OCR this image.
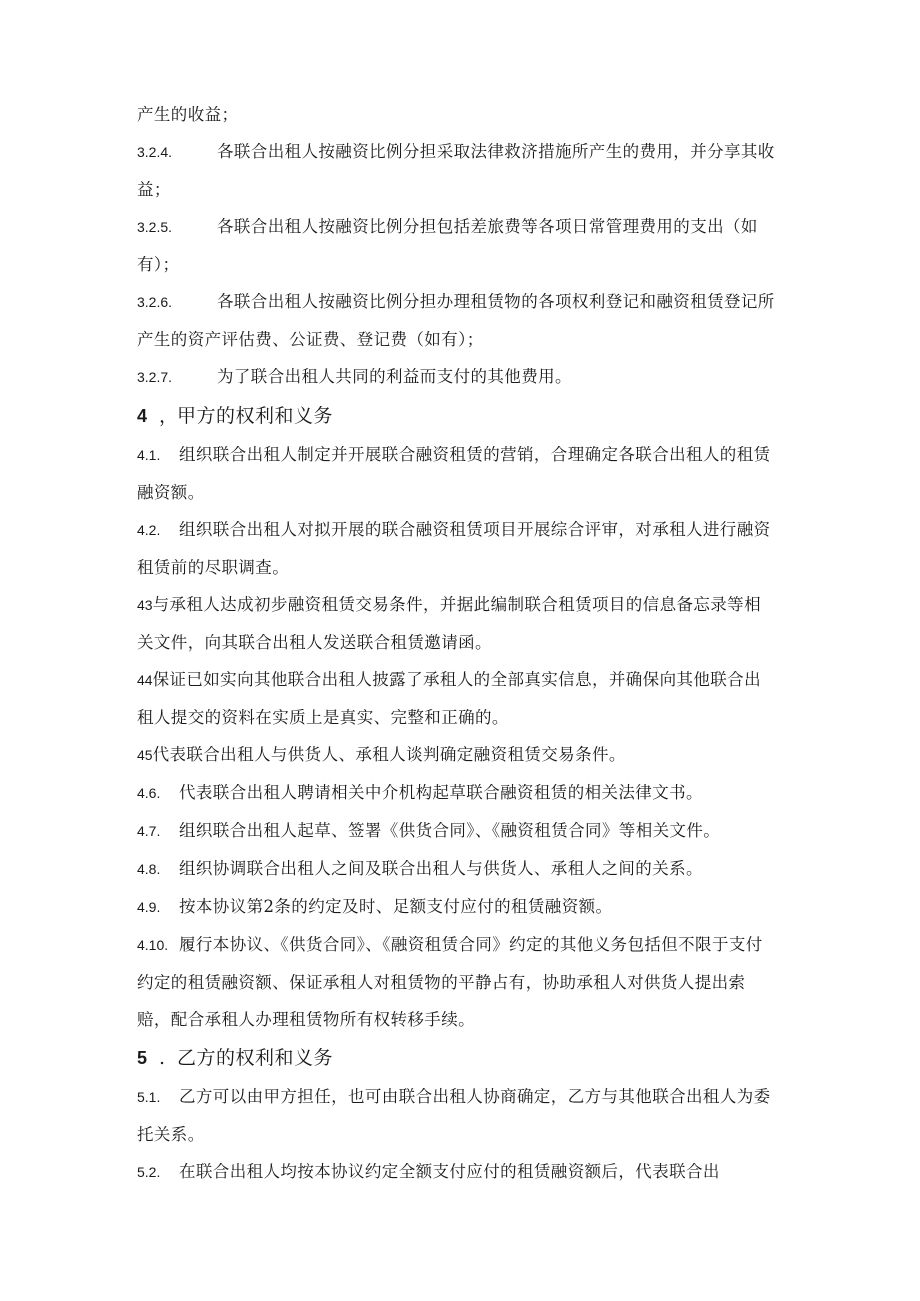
产生的收益；

3.2.4.	各联合出租人按融资比例分担采取法律救济措施所产生的费用，并分享其收益；

3.2.5.	各联合出租人按融资比例分担包括差旅费等各项日常管理费用的支出（如有）；

3.2.6.	各联合出租人按融资比例分担办理租赁物的各项权利登记和融资租赁登记所产生的资产评估费、公证费、登记费（如有）；

3.2.7.	为了联合出租人共同的利益而支付的其他费用。

4 ，甲方的权利和义务

4.1. 组织联合出租人制定并开展联合融资租赁的营销，合理确定各联合出租人的租赁融资额。

4.2. 组织联合出租人对拟开展的联合融资租赁项目开展综合评审，对承租人进行融资租赁前的尽职调查。

43与承租人达成初步融资租赁交易条件，并据此编制联合租赁项目的信息备忘录等相关文件，向其联合出租人发送联合租赁邀请函。

44保证已如实向其他联合出租人披露了承租人的全部真实信息，并确保向其他联合出租人提交的资料在实质上是真实、完整和正确的。

45代表联合出租人与供货人、承租人谈判确定融资租赁交易条件。

4.6. 代表联合出租人聘请相关中介机构起草联合融资租赁的相关法律文书。

4.7. 组织联合出租人起草、签署《供货合同》、《融资租赁合同》等相关文件。

4.8. 组织协调联合出租人之间及联合出租人与供货人、承租人之间的关系。

4.9. 按本协议第2条的约定及时、足额支付应付的租赁融资额。

4.10. 履行本协议、《供货合同》、《融资租赁合同》约定的其他义务包括但不限于支付约定的租赁融资额、保证承租人对租赁物的平静占有，协助承租人对供货人提出索赔，配合承租人办理租赁物所有权转移手续。

5 . 乙方的权利和义务

5.1. 乙方可以由甲方担任，也可由联合出租人协商确定，乙方与其他联合出租人为委托关系。

5.2. 在联合出租人均按本协议约定全额支付应付的租赁融资额后，代表联合出
